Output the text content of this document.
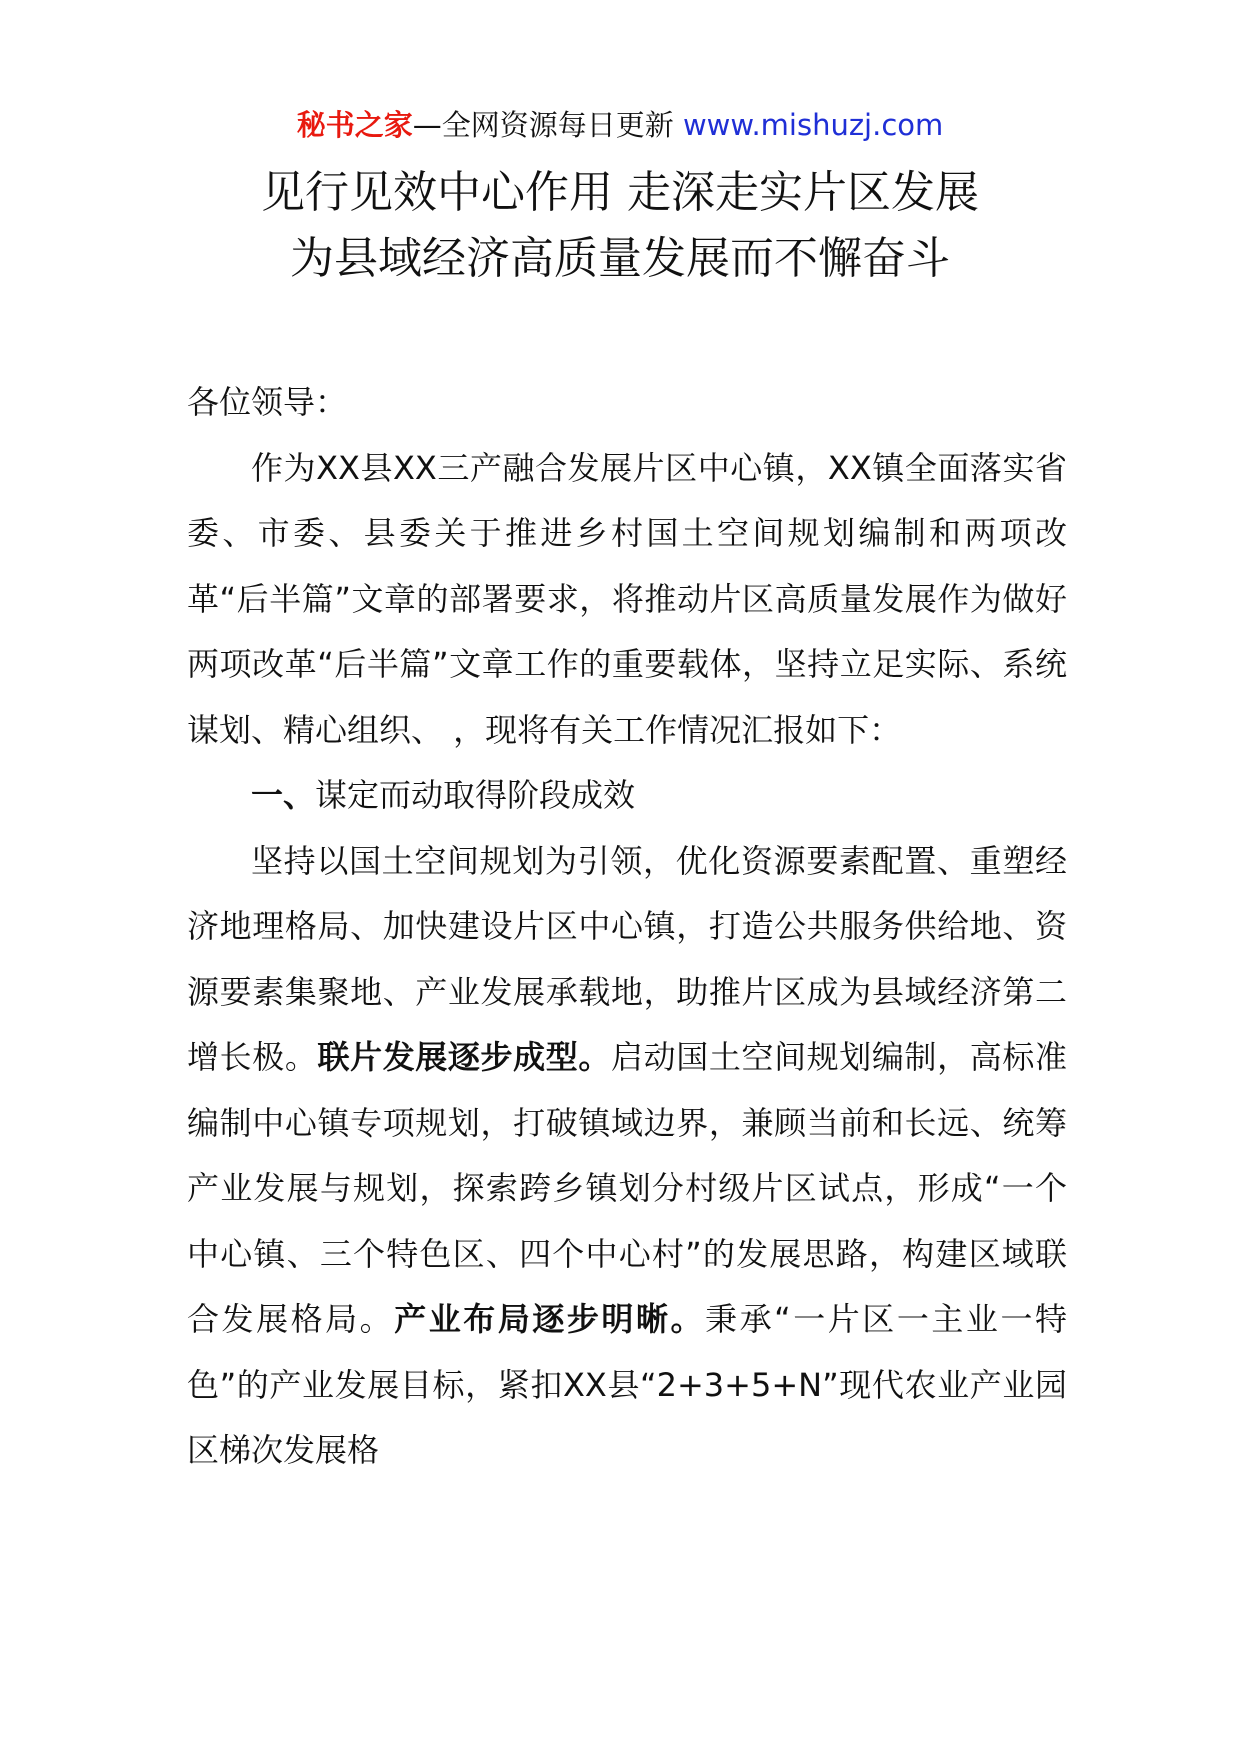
秘书之家—全网资源每日更新 www.mishuzj.com
见行见效中心作用 走深走实片区发展
为县域经济高质量发展而不懈奋斗

各位领导：

作为XX县XX三产融合发展片区中心镇，XX镇全面落实省委、市委、县委关于推进乡村国土空间规划编制和两项改革“后半篇”文章的部署要求，将推动片区高质量发展作为做好两项改革“后半篇”文章工作的重要载体，坚持立足实际、系统谋划、精心组织、 ，现将有关工作情况汇报如下：

一、谋定而动取得阶段成效

坚持以国土空间规划为引领，优化资源要素配置、重塑经济地理格局、加快建设片区中心镇，打造公共服务供给地、资源要素集聚地、产业发展承载地，助推片区成为县域经济第二增长极。联片发展逐步成型。启动国土空间规划编制，高标准编制中心镇专项规划，打破镇域边界，兼顾当前和长远、统筹产业发展与规划，探索跨乡镇划分村级片区试点，形成“一个中心镇、三个特色区、四个中心村”的发展思路，构建区域联合发展格局。产业布局逐步明晰。秉承“一片区一主业一特色”的产业发展目标，紧扣XX县“2+3+5+N”现代农业产业园区梯次发展格
